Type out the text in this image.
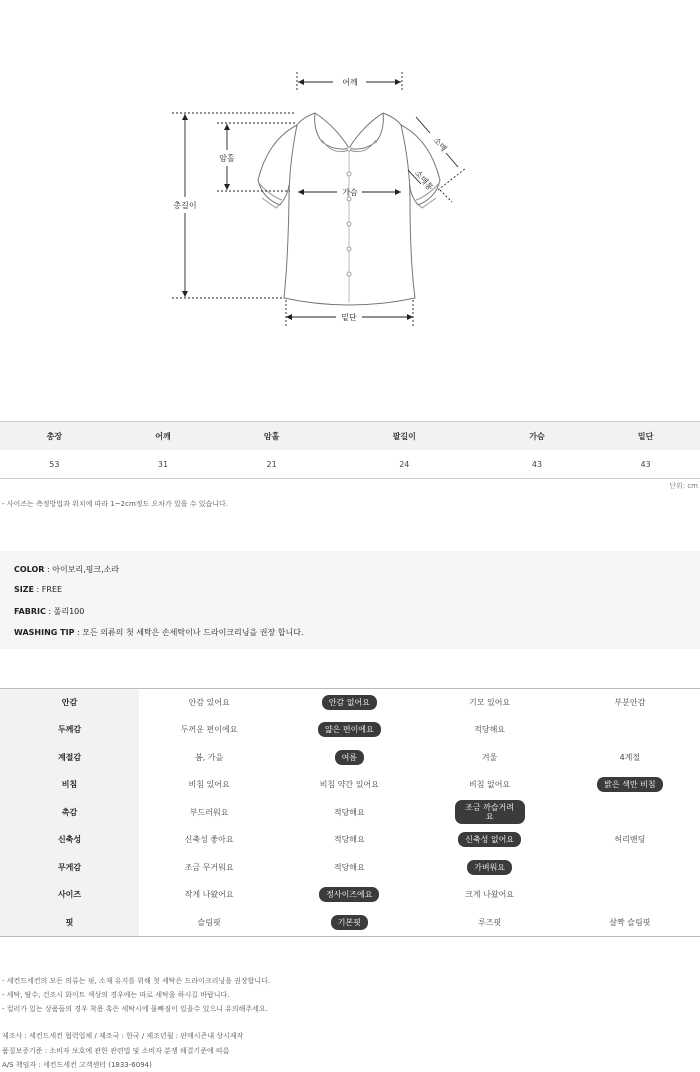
어깨
가슴
총길이
암홀
밑단
소매
소매통
총장	어깨	암홀	팔길이	가슴	밑단
53	31	21	24	43	43
단위: cm
- 사이즈는 측정방법과 위치에 따라 1~2cm정도 오차가 있을 수 있습니다.
COLOR : 아이보리,핑크,소라
SIZE : FREE
FABRIC : 폴리100
WASHING TIP : 모든 의류의 첫 세탁은 손세탁이나 드라이크리닝을 권장 합니다.
안감	안감 있어요	안감 없어요	기모 있어요	부분안감
두께감	두꺼운 편이에요	얇은 편이에요	적당해요	
계절감	봄, 가을	여름	겨울	4계절
비침	비침 있어요	비침 약간 있어요	비침 없어요	밝은 색만 비침
촉감	부드러워요	적당해요	조금 까슬거려요	
신축성	신축성 좋아요	적당해요	신축성 없어요	허리밴딩
무게감	조금 무거워요	적당해요	가벼워요	
사이즈	작게 나왔어요	정사이즈에요	크게 나왔어요	
핏	슬림핏	기본핏	루즈핏	살짝 슬림핏
- 세컨드세컨의 모든 의류는 핏, 소재 유지를 위해 첫 세탁은 드라이크리닝을 권장합니다.
- 세탁, 탈수, 건조시 화이트 색상의 경우에는 따로 세탁을 하시길 바랍니다.
- 컬러가 있는 상품들의 경우 착용 혹은 세탁시에 물빠짐이 있을수 있으니 유의해주세요.
제조사 : 세컨드세컨 협력업체 / 제조국 : 한국 / 제조년월 : 판매시즌내 상시제작
품질보증기준 : 소비자 보호에 관한 관련법 및 소비자 분쟁 해결기준에 따름
A/S 책임자 : 세컨드세컨 고객센터 (1833-6094)
